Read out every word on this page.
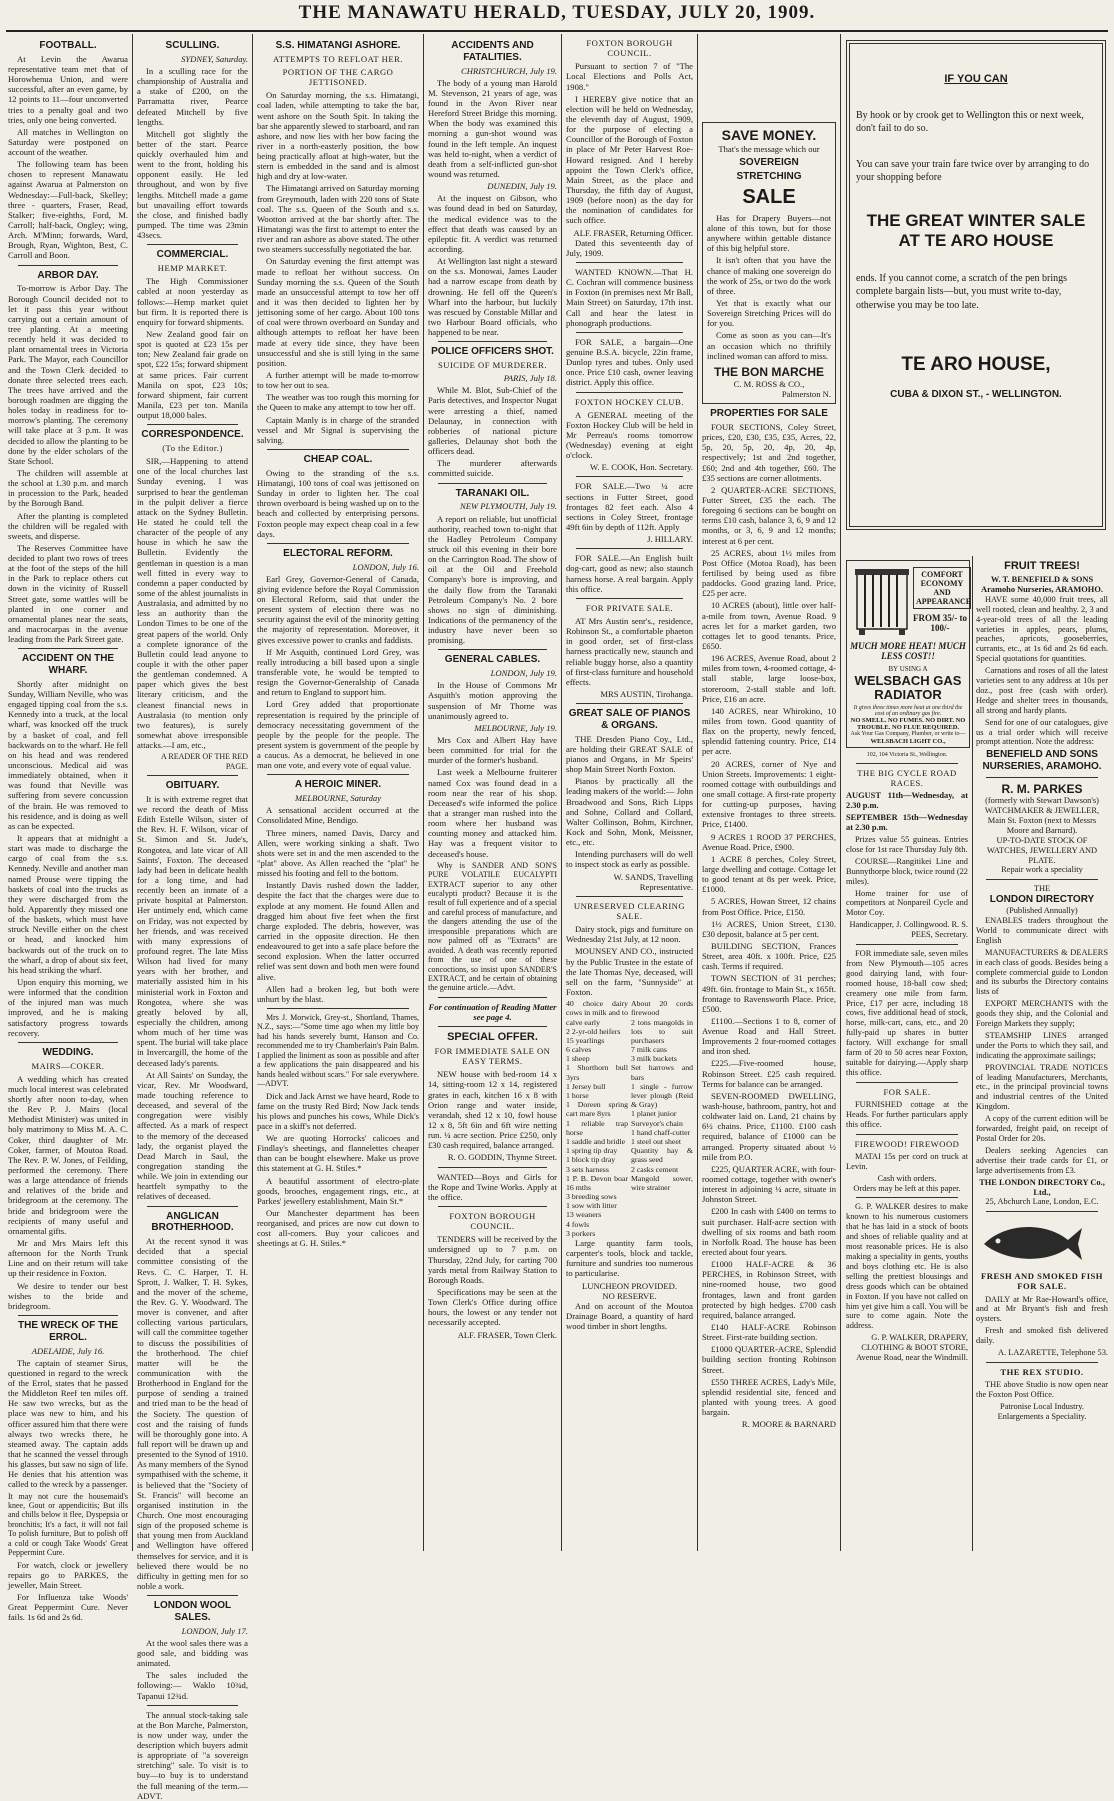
THE MANAWATU HERALD, TUESDAY, JULY 20, 1909.
FOOTBALL.

At Levin the Awarua representative team met that of Horowhenua Union, and were successful, after an even game, by 12 points to 11—four unconverted tries to a penalty goal and two tries, only one being converted.

All matches in Wellington on Saturday were postponed on account of the weather.

The following team has been chosen to represent Manawatu against Awarua at Palmerston on Wednesday:—Full-back, Skelley; three - quarters, Fraser, Read, Stalker; five-eighths, Ford, M. Carroll; half-back, Ongley; wing, Arch. M'Minn; forwards, Ward, Brough, Ryan, Wighton, Best, C. Carroll and Boon.

ARBOR DAY.

To-morrow is Arbor Day. The Borough Council decided not to let it pass this year without carrying out a certain amount of tree planting. At a meeting recently held it was decided to plant ornamental trees in Victoria Park. The Mayor, each Councillor and the Town Clerk decided to donate three selected trees each. The trees have arrived and the borough roadmen are digging the holes today in readiness for to-morrow's planting. The ceremony will take place at 3 p.m. It was decided to allow the planting to be done by the elder scholars of the State School.

The children will assemble at the school at 1.30 p.m. and march in procession to the Park, headed by the Borough Band.

After the planting is completed the children will be regaled with sweets, and disperse.

The Reserves Committee have decided to plant two rows of trees at the foot of the steps of the hill in the Park to replace others cut down in the vicinity of Russell Street gate, some wattles will be planted in one corner and ornamental planes near the seats, and macrocarpas in the avenue leading from the Park Street gate.

ACCIDENT ON THE WHARF.

Shortly after midnight on Sunday, William Neville, who was engaged tipping coal from the s.s. Kennedy into a truck, at the local wharf, was knocked off the truck by a basket of coal, and fell backwards on to the wharf. He fell on his head and was rendered unconscious. Medical aid was immediately obtained, when it was found that Neville was suffering from severe concussion of the brain. He was removed to his residence, and is doing as well as can be expected.

It appears that at midnight a start was made to discharge the cargo of coal from the s.s. Kennedy. Neville and another man named Prouse were tipping the baskets of coal into the trucks as they were discharged from the hold. Apparently they missed one of the baskets, which must have struck Neville either on the chest or head, and knocked him backwards out of the truck on to the wharf, a drop of about six feet, his head striking the wharf.

Upon enquiry this morning, we were informed that the condition of the injured man was much improved, and he is making satisfactory progress towards recovery.

WEDDING.
MAIRS—COKER.

A wedding which has created much local interest was celebrated shortly after noon to-day, when the Rev P. J. Mairs (local Methodist Minister) was united in holy matrimony to Miss M. A. C. Coker, third daughter of Mr. Coker, farmer, of Moutoa Road. The Rev. P. W. Jones, of Feilding, performed the ceremony. There was a large attendance of friends and relatives of the bride and bridegroom at the ceremony. The bride and bridegroom were the recipients of many useful and ornamental gifts.

Mr and Mrs Mairs left this afternoon for the North Trunk Line and on their return will take up their residence in Foxton.

We desire to tender our best wishes to the bride and bridegroom.

THE WRECK OF THE ERROL.
ADELAIDE, July 16.

The captain of steamer Sirus, questioned in regard to the wreck of the Errol, states that he passed the Middleton Reef ten miles off. He saw two wrecks, but as the place was new to him, and his officer assured him that there were always two wrecks there, he steamed away. The captain adds that he scanned the vessel through his glasses, but saw no sign of life. He denies that his attention was called to the wreck by a passenger.

It may not cure the housemaid's knee, Gout or appendicitis; But ills and chills below it flee, Dyspepsia or bronchitis; It's a fact, it will not fail To polish furniture, But to polish off a cold or cough Take Woods' Great Peppermint Cure.

For watch, clock or jewellery repairs go to PARKES, the jeweller, Main Street.

For Influenza take Woods' Great Peppermint Cure. Never fails. 1s 6d and 2s 6d.

SCULLING.
SYDNEY, Saturday.

In a sculling race for the championship of Australia and a stake of £200, on the Parramatta river, Pearce defeated Mitchell by five lengths.

Mitchell got slightly the better of the start. Pearce quickly overhauled him and went to the front, holding his opponent easily. He led throughout, and won by five lengths. Mitchell made a game but unavailing effort towards the close, and finished badly pumped. The time was 23min 43secs.

COMMERCIAL.
HEMP MARKET.

The High Commissioner cabled at noon yesterday as follows:—Hemp market quiet but firm. It is reported there is enquiry for forward shipments.

New Zealand good fair on spot is quoted at £23 15s per ton; New Zealand fair grade on spot, £22 15s; forward shipment at same prices. Fair current Manila on spot, £23 10s; forward shipment, fair current Manila, £23 per ton. Manila output 18,000 bales.

CORRESPONDENCE.
(To the Editor.)

SIR,—Happening to attend one of the local churches last Sunday evening, I was surprised to hear the gentleman in the pulpit deliver a fierce attack on the Sydney Bulletin. He stated he could tell the character of the people of any house in which he saw the Bulletin. Evidently the gentleman in question is a man well fitted in every way to condemn a paper conducted by some of the ablest journalists in Australasia, and admitted by no less an authority than the London Times to be one of the great papers of the world. Only a complete ignorance of the Bulletin could lead anyone to couple it with the other paper the gentleman condemned. A paper which gives the best literary criticism, and the cleanest financial news in Australasia (to mention only two features), is surely somewhat above irresponsible attacks.—I am, etc.,

A READER OF THE RED PAGE.
OBITUARY.

It is with extreme regret that we record the death of Miss Edith Estelle Wilson, sister of the Rev. H. F. Wilson, vicar of St. Simon and St. Jude's, Rongotea, and late vicar of All Saints', Foxton. The deceased lady had been in delicate health for a long time, and had recently been an inmate of a private hospital at Palmerston. Her untimely end, which came on Friday, was not expected by her friends, and was received with many expressions of profound regret. The late Miss Wilson had lived for many years with her brother, and materially assisted him in his ministerial work in Foxton and Rongotea, where she was greatly beloved by all, especially the children, among whom much of her time was spent. The burial will take place in Invercargill, the home of the deceased lady's parents.

At All Saints' on Sunday, the vicar, Rev. Mr Woodward, made touching reference to deceased, and several of the congregation were visibly affected. As a mark of respect to the memory of the deceased lady, the organist played the Dead March in Saul, the congregation standing the while. We join in extending our heartfelt sympathy to the relatives of deceased.

ANGLICAN BROTHERHOOD.

At the recent synod it was decided that a special committee consisting of the Revs. C. C. Harper, T. H. Sprott, J. Walker, T. H. Sykes, and the mover of the scheme, the Rev. G. Y. Woodward. The mover is convener, and after collecting various particulars, will call the committee together to discuss the possibilities of the brotherhood. The chief matter will be the communication with the Brotherhood in England for the purpose of sending a trained and tried man to be the head of the Society. The question of cost and the raising of funds will be thoroughly gone into. A full report will be drawn up and presented to the Synod of 1910. As many members of the Synod sympathised with the scheme, it is believed that the "Society of St. Francis" will become an organised institution in the Church. One most encouraging sign of the proposed scheme is that young men from Auckland and Wellington have offered themselves for service, and it is believed there would be no difficulty in getting men for so noble a work.

LONDON WOOL SALES.
LONDON, July 17.

At the wool sales there was a good sale, and bidding was animated.

The sales included the following:— Waklo 10¾d, Tapanui 12¾d.

The annual stock-taking sale at the Bon Marche, Palmerston, is now under way, under the description which buyers admit is appropriate of "a sovereign stretching" sale. To visit is to buy—to buy is to understand the full meaning of the term.—ADVT.

S.S. HIMATANGI ASHORE.
ATTEMPTS TO REFLOAT HER.
PORTION OF THE CARGO JETTISONED.

On Saturday morning, the s.s. Himatangi, coal laden, while attempting to take the bar, went ashore on the South Spit. In taking the bar she apparently slewed to starboard, and ran ashore, and now lies with her bow facing the river in a north-easterly position, the bow being practically afloat at high-water, but the stern is embedded in the sand and is almost high and dry at low-water.

The Himatangi arrived on Saturday morning from Greymouth, laden with 220 tons of State coal. The s.s. Queen of the South and s.s. Wootton arrived at the bar shortly after. The Himatangi was the first to attempt to enter the river and ran ashore as above stated. The other two steamers successfully negotiated the bar.

On Saturday evening the first attempt was made to refloat her without success. On Sunday morning the s.s. Queen of the South made an unsuccessful attempt to tow her off and it was then decided to lighten her by jettisoning some of her cargo. About 100 tons of coal were thrown overboard on Sunday and although attempts to refloat her have been made at every tide since, they have been unsuccessful and she is still lying in the same position.

A further attempt will be made to-morrow to tow her out to sea.

The weather was too rough this morning for the Queen to make any attempt to tow her off.

Captain Manly is in charge of the stranded vessel and Mr Signal is supervising the salving.

CHEAP COAL.

Owing to the stranding of the s.s. Himatangi, 100 tons of coal was jettisoned on Sunday in order to lighten her. The coal thrown overboard is being washed up on to the beach and collected by enterprising persons. Foxton people may expect cheap coal in a few days.

ELECTORAL REFORM.
LONDON, July 16.

Earl Grey, Governor-General of Canada, giving evidence before the Royal Commission on Electoral Reform, said that under the present system of election there was no security against the evil of the minority getting the majority of representation. Moreover, it gives excessive power to cranks and faddists.

If Mr Asquith, continued Lord Grey, was really introducing a bill based upon a single transferable vote, he would be tempted to resign the Governor-Generalship of Canada and return to England to support him.

Lord Grey added that proportionate representation is required by the principle of democracy necessitating government of the people by the people for the people. The present system is government of the people by a caucus. As a democrat, he believed in one man one vote, and every vote of equal value.

A HEROIC MINER.
MELBOURNE, Saturday

A sensational accident occurred at the Consolidated Mine, Bendigo.

Three miners, named Davis, Darcy and Allen, were working sinking a shaft. Two shots were set in and the men ascended to the "plat" above. As Allen reached the "plat" he missed his footing and fell to the bottom.

Instantly Davis rushed down the ladder, despite the fact that the charges were due to explode at any moment. He found Allen and dragged him about five feet when the first charge exploded. The debris, however, was carried in the opposite direction. He then endeavoured to get into a safe place before the second explosion. When the latter occurred relief was sent down and both men were found alive.

Allen had a broken leg, but both were unhurt by the blast.

Mrs J. Morwick, Grey-st., Shortland, Thames, N.Z., says:—"Some time ago when my little boy had his hands severely burnt, Hanson and Co. recommended me to try Chamberlain's Pain Balm. I applied the liniment as soon as possible and after a few applications the pain disappeared and his hands healed without scars." For sale everywhere.—ADVT.

Dick and Jack Arnst we have heard, Rode to fame on the trusty Red Bird; Now Jack tends his plows and punches his cows, While Dick's pace in a skiff's not deferred.

We are quoting Horrocks' calicoes and Findlay's sheetings, and flannelettes cheaper than can be bought elsewhere. Make us prove this statement at G. H. Stiles.*

A beautiful assortment of electro-plate goods, brooches, engagement rings, etc., at Parkes' jewellery establishment, Main St.*

Our Manchester department has been reorganised, and prices are now cut down to cost all-comers. Buy your calicoes and sheetings at G. H. Stiles.*

ACCIDENTS AND FATALITIES.
CHRISTCHURCH, July 19.

The body of a young man Harold M. Stevenson, 21 years of age, was found in the Avon River near Hereford Street Bridge this morning. When the body was examined this morning a gun-shot wound was found in the left temple. An inquest was held to-night, when a verdict of death from a self-inflicted gun-shot wound was returned.

DUNEDIN, July 19.

At the inquest on Gibson, who was found dead in bed on Saturday, the medical evidence was to the effect that death was caused by an epileptic fit. A verdict was returned according.

At Wellington last night a steward on the s.s. Monowai, James Lauder had a narrow escape from death by drowning. He fell off the Queen's Wharf into the harbour, but luckily was rescued by Constable Millar and two Harbour Board officials, who happened to be near.

POLICE OFFICERS SHOT.
SUICIDE OF MURDERER.
PARIS, July 18.

While M. Blot, Sub-Chief of the Paris detectives, and Inspector Nugat were arresting a thief, named Delaunay, in connection with robberies of national picture galleries, Delaunay shot both the officers dead.

The murderer afterwards committed suicide.

TARANAKI OIL.
NEW PLYMOUTH, July 19.

A report on reliable, but unofficial authority, reached town to-night that the Hadley Petroleum Company struck oil this evening in their bore on the Carrington Road. The show of oil at the Oil and Freehold Company's bore is improving, and the daily flow from the Taranaki Petroleum Company's No. 2 bore shows no sign of diminishing. Indications of the permanency of the industry have never been so promising.

GENERAL CABLES.
LONDON, July 19.

In the House of Commons Mr Asquith's motion approving the suspension of Mr Thorne was unanimously agreed to.

MELBOURNE, July 19.

Mrs Cox and Albert Hay have been committed for trial for the murder of the former's husband.

Last week a Melbourne fruiterer named Cox was found dead in a room near the rear of his shop. Deceased's wife informed the police that a stranger man rushed into the room where her husband was counting money and attacked him. Hay was a frequent visitor to deceased's house.

Why is SANDER AND SON'S PURE VOLATILE EUCALYPTI EXTRACT superior to any other eucalypti product? Because it is the result of full experience and of a special and careful process of manufacture, and the dangers attending the use of the irresponsible preparations which are now palmed off as "Extracts" are avoided. A death was recently reported from the use of one of these concoctions, so insist upon SANDER'S EXTRACT, and be certain of obtaining the genuine article.—Advt.

For continuation of Reading Matter see page 4.
SPECIAL OFFER.
FOR IMMEDIATE SALE ON EASY TERMS.

NEW house with bed-room 14 x 14, sitting-room 12 x 14, registered grates in each, kitchen 16 x 8 with Orion range and water inside, verandah, shed 12 x 10, fowl house 12 x 8, 5ft 6in and 6ft wire netting run. ¼ acre section. Price £250, only £30 cash required, balance arranged.

R. O. GODDIN, Thynne Street.

WANTED—Boys and Girls for the Rope and Twine Works. Apply at the office.

FOXTON BOROUGH COUNCIL.

TENDERS will be received by the undersigned up to 7 p.m. on Thursday, 22nd July, for carting 700 yards metal from Railway Station to Borough Roads.

Specifications may be seen at the Town Clerk's Office during office hours, the lowest or any tender not necessarily accepted.

ALF. FRASER, Town Clerk.
FOXTON BOROUGH COUNCIL.

Pursuant to section 7 of "The Local Elections and Polls Act, 1908."

I HEREBY give notice that an election will be held on Wednesday, the eleventh day of August, 1909, for the purpose of electing a Councillor of the Borough of Foxton in place of Mr Peter Harvest Roe-Howard resigned. And I hereby appoint the Town Clerk's office, Main Street, as the place and Thursday, the fifth day of August, 1909 (before noon) as the day for the nomination of candidates for such office.

ALF. FRASER, Returning Officer.

Dated this seventeenth day of July, 1909.

WANTED KNOWN.—That H. C. Cochran will commence business in Foxton (in premises next Mr Ball, Main Street) on Saturday, 17th inst. Call and hear the latest in phonograph productions.

FOR SALE, a bargain—One genuine B.S.A. bicycle, 22in frame, Dunlop tyres and tubes. Only used once. Price £10 cash, owner leaving district. Apply this office.

FOXTON HOCKEY CLUB.

A GENERAL meeting of the Foxton Hockey Club will be held in Mr Perreau's rooms tomorrow (Wednesday) evening at eight o'clock.

W. E. COOK, Hon. Secretary.

FOR SALE.—Two ¼ acre sections in Futter Street, good frontages 82 feet each. Also 4 sections in Coley Street, frontage 49ft 6in by depth of 112ft. Apply

J. HILLARY.

FOR SALE.—An English built dog-cart, good as new; also staunch harness horse. A real bargain. Apply this office.

FOR PRIVATE SALE.

AT Mrs Austin senr's., residence, Robinson St., a comfortable phaeton in good order, set of first-class harness practically new, staunch and reliable buggy horse, also a quantity of first-class furniture and household effects.

MRS AUSTIN, Tirohanga.
GREAT SALE OF PIANOS & ORGANS.

THE Dresden Piano Coy., Ltd., are holding their GREAT SALE of pianos and Organs, in Mr Speirs' shop Main Street North Foxton.

Pianos by practically all the leading makers of the world:— John Broadwood and Sons, Rich Lipps and Sohne, Collard and Collard, Walter Collinson, Bohm, Kirchner, Kock and Sohn, Monk, Meissner, etc., etc.

Intending purchasers will do well to inspect stock as early as possible.

W. SANDS, Travelling Representative.
UNRESERVED CLEARING SALE.

Dairy stock, pigs and furniture on Wednesday 21st July, at 12 noon.

MOUNSEY AND CO., instructed by the Public Trustee in the estate of the late Thomas Nye, deceased, will sell on the farm, "Sunnyside" at Foxton.

40 choice dairy cows in milk and to calve early
2 2-yr-old heifers
15 yearlings
6 calves
1 sheep
1 Shorthorn bull 3yrs
1 Jersey bull
1 horse
1 Doreen spring cart mare 8yrs
1 reliable trap horse
1 saddle and bridle
1 spring tip dray
1 block tip dray
3 sets harness
1 P. B. Devon boar 16 mths
3 breeding sows
1 sow with litter
13 weaners
4 fowls
3 porkers
About 20 cords firewood
2 tons mangolds in lots to suit purchasers
7 milk cans
3 milk buckets
Set harrows and bars
1 single - furrow lever plough (Reid & Gray)
1 planet junior
Surveyor's chain
1 hand chaff-cutter
1 steel out sheet
Quantity hay & grass seed
2 casks cement
Mangold sower, wire strainer

Large quantity farm tools, carpenter's tools, block and tackle, furniture and sundries too numerous to particularise.

LUNCHEON PROVIDED.
NO RESERVE.

And on account of the Moutoa Drainage Board, a quantity of hard wood timber in short lengths.

SAVE MONEY.
That's the message which our
SOVEREIGN
STRETCHING
SALE

Has for Drapery Buyers—not alone of this town, but for those anywhere within gettable distance of this big helpful store.

It isn't often that you have the chance of making one sovereign do the work of 25s, or two do the work of three.

Yet that is exactly what our Sovereign Stretching Prices will do for you.

Come as soon as you can—It's an occasion which no thriftily inclined woman can afford to miss.

THE BON MARCHE
C. M. ROSS & CO.,
Palmerston N.
PROPERTIES FOR SALE

FOUR SECTIONS, Coley Street, prices, £20, £30, £35, £35, Acres, 22, 5p, 20, 5p, 20, 4p, 20, 4p, respectively; 1st and 2nd together, £60; 2nd and 4th together, £60. The £35 sections are corner allotments.

2 QUARTER-ACRE SECTIONS, Futter Street, £35 the each. The foregoing 6 sections can be bought on terms £10 cash, balance 3, 6, 9 and 12 months, or 3, 6, 9 and 12 months; interest at 6 per cent.

25 ACRES, about 1½ miles from Post Office (Motoa Road), has been fertilised by being used as fibre paddocks. Good grazing land. Price, £25 per acre.

10 ACRES (about), little over half-a-mile from town, Avenue Road. 9 acres let for a market garden, two cottages let to good tenants. Price, £650.

196 ACRES, Avenue Road, about 2 miles from town, 4-roomed cottage, 4-stall stable, large loose-box, storeroom, 2-stall stable and loft. Price, £16 an acre.

140 ACRES, near Whirokino, 10 miles from town. Good quantity of flax on the property, newly fenced, splendid fattening country. Price, £14 per acre.

20 ACRES, corner of Nye and Union Streets. Improvements: 1 eight-roomed cottage with outbuildings and one small cottage. A first-rate property for cutting-up purposes, having extensive frontages to three streets. Price, £1400.

9 ACRES 1 ROOD 37 PERCHES, Avenue Road. Price, £900.

1 ACRE 8 perches, Coley Street, large dwelling and cottage. Cottage let to good tenant at 8s per week. Price, £1000.

5 ACRES, Howan Street, 12 chains from Post Office. Price, £150.

1½ ACRES, Union Street, £130. £30 deposit, balance at 5 per cent.

BUILDING SECTION, Frances Street, area 40ft. x 100ft. Price, £25 cash. Terms if required.

TOWN SECTION of 31 perches; 49ft. 6in. frontage to Main St., x 165ft. frontage to Ravensworth Place. Price, £500.

£1100.—Sections 1 to 8, corner of Avenue Road and Hall Street. Improvements 2 four-roomed cottages and iron shed.

£225.—Five-roomed house, Robinson Street. £25 cash required. Terms for balance can be arranged.

SEVEN-ROOMED DWELLING, wash-house, bathroom, pantry, hot and coldwater laid on. Land, 21 chains by 6½ chains. Price, £1100. £100 cash required, balance of £1000 can be arranged. Property situated about ½ mile from P.O.

£225, QUARTER ACRE, with four-roomed cottage, together with owner's interest in adjoining ¼ acre, situate in Johnston Street.

£200 In cash with £400 on terms to suit purchaser. Half-acre section with dwelling of six rooms and bath room in Norfolk Road. The house has been erected about four years.

£1000 HALF-ACRE & 36 PERCHES, in Robinson Street, with nine-roomed house, two good frontages, lawn and front garden protected by high hedges. £700 cash required, balance arranged.

£140 HALF-ACRE Robinson Street. First-rate building section.

£1000 QUARTER-ACRE, Splendid building section fronting Robinson Street.

£550 THREE ACRES, Lady's Mile, splendid residential site, fenced and planted with young trees. A good bargain.

R. MOORE & BARNARD
IF YOU CAN
By hook or by crook get to Wellington this or next week, don't fail to do so.
You can save your train fare twice over by arranging to do your shopping before
THE GREAT WINTER SALE AT TE ARO HOUSE
ends. If you cannot come, a scratch of the pen brings complete bargain lists—but, you must write to-day, otherwise you may be too late.
TE ARO HOUSE,
CUBA & DIXON ST., - WELLINGTON.
COMFORT ECONOMY AND APPEARANCE
FROM 35/- to 100/-
MUCH MORE HEAT! MUCH LESS COST!!
BY USING A
WELSBACH GAS RADIATOR
It gives three times more heat at one third the cost of an ordinary gas fire.
NO SMELL. NO FUMES. NO DIRT. NO TROUBLE. NO FLUE REQUIRED.
Ask Your Gas Company, Plumber, or write to—
WELSBACH LIGHT CO.,
102, 104 Victoria St., Wellington.
THE BIG CYCLE ROAD RACES.

AUGUST 11th—Wednesday, at 2.30 p.m.

SEPTEMBER 15th—Wednesday at 2.30 p.m.

Prizes value 55 guineas. Entries close for 1st race Thursday July 8th.

COURSE—Rangitikei Line and Bunnythorpe block, twice round (22 miles).

Home trainer for use of competitors at Nonpareil Cycle and Motor Coy.

Handicapper, J. Collingwood. R. S. PEES, Secretary.

FOR immediate sale, seven miles from New Plymouth—105 acres good dairying land, with four-roomed house, 18-ball cow shed; creamery one mile from farm. Price, £17 per acre, including 18 cows, five additional head of stock, horse, milk-cart, cans, etc., and 20 fully-paid up shares in butter factory. Will exchange for small farm of 20 to 50 acres near Foxton, suitable for dairying.—Apply sharp this office.

FOR SALE.

FURNISHED cottage at the Heads. For further particulars apply this office.

FIREWOOD! FIREWOOD

MATAI 15s per cord on truck at Levin.

Cash with orders.
Orders may be left at this paper.

G. P. WALKER desires to make known to his numerous customers that he has laid in a stock of boots and shoes of reliable quality and at most reasonable prices. He is also making a speciality in gents, youths and boys clothing etc. He is also selling the prettiest blousings and dress goods which can be obtained in Foxton. If you have not called on him yet give him a call. You will be sure to come again. Note the address.

G. P. WALKER, DRAPERY, CLOTHING & BOOT STORE, Avenue Road, near the Windmill.
FRUIT TREES!
W. T. BENEFIELD & SONS Aramoho Nurseries, ARAMOHO.

HAVE some 40,000 fruit trees, all well rooted, clean and healthy. 2, 3 and 4-year-old trees of all the leading varieties in apples, pears, plums, peaches, apricots, gooseberries, currants, etc., at 1s 6d and 2s 6d each. Special quotations for quantities.

Carnations and roses of all the latest varieties sent to any address at 10s per doz., post free (cash with order). Hedge and shelter trees in thousands, all strong and hardy plants.

Send for one of our catalogues, give us a trial order which will receive prompt attention. Note the address:

BENEFIELD AND SONS NURSERIES, ARAMOHO.
R. M. PARKES
(formerly with Stewart Dawson's) WATCHMAKER & JEWELLER,
Main St. Foxton (next to Messrs Moore and Barnard).
UP-TO-DATE STOCK OF WATCHES, JEWELLERY AND PLATE.
Repair work a speciality
THE
LONDON DIRECTORY
(Published Annually)

ENABLES traders throughout the World to communicate direct with English

MANUFACTURERS & DEALERS in each class of goods. Besides being a complete commercial guide to London and its suburbs the Directory contains lists of

EXPORT MERCHANTS with the goods they ship, and the Colonial and Foreign Markets they supply;

STEAMSHIP LINES arranged under the Ports to which they sail, and indicating the approximate sailings;

PROVINCIAL TRADE NOTICES of leading Manufacturers, Merchants, etc., in the principal provincial towns and industrial centres of the United Kingdom.

A copy of the current edition will be forwarded, freight paid, on receipt of Postal Order for 20s.

Dealers seeking Agencies can advertise their trade cards for £1, or large advertisements from £3.

THE LONDON DIRECTORY Co., Ltd.,
25, Abchurch Lane, London, E.C.
FRESH AND SMOKED FISH FOR SALE.

DAILY at Mr Rae-Howard's office, and at Mr Bryant's fish and fresh oysters.

Fresh and smoked fish delivered daily.

A. LAZARETTE, Telephone 53.
THE REX STUDIO.

THE above Studio is now open near the Foxton Post Office.

Patronise Local Industry.
Enlargements a Speciality.
